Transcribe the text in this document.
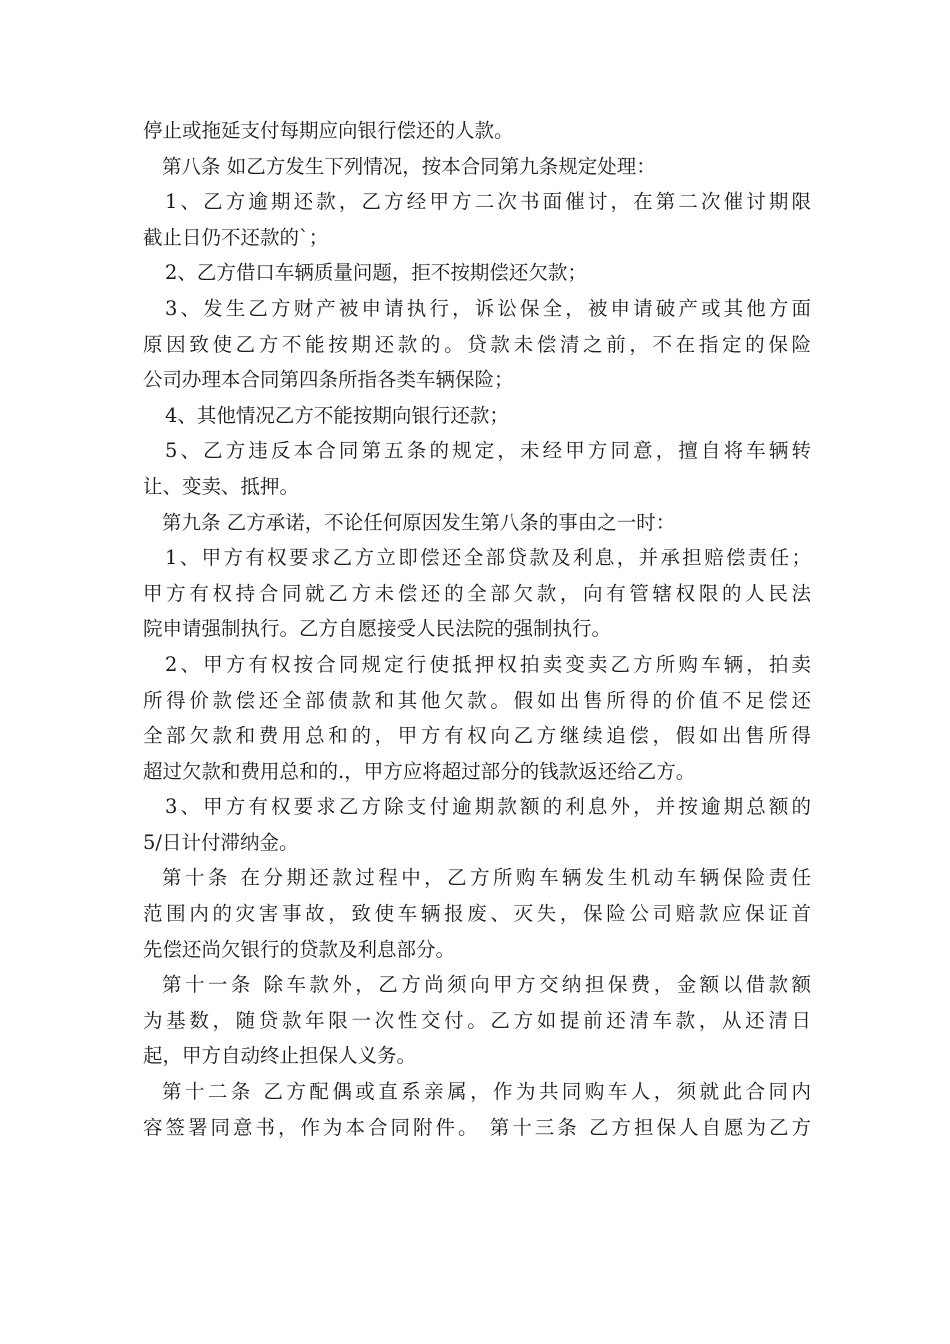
停止或拖延支付每期应向银行偿还的人款。
第八条 如乙方发生下列情况，按本合同第九条规定处理：
1、乙方逾期还款，乙方经甲方二次书面催讨，在第二次催讨期限
截止日仍不还款的`；
2、乙方借口车辆质量问题，拒不按期偿还欠款；
3、发生乙方财产被申请执行，诉讼保全，被申请破产或其他方面
原因致使乙方不能按期还款的。贷款未偿清之前，不在指定的保险
公司办理本合同第四条所指各类车辆保险；
4、其他情况乙方不能按期向银行还款；
5、乙方违反本合同第五条的规定，未经甲方同意，擅自将车辆转
让、变卖、抵押。
第九条 乙方承诺，不论任何原因发生第八条的事由之一时：
1、甲方有权要求乙方立即偿还全部贷款及利息，并承担赔偿责任；
甲方有权持合同就乙方未偿还的全部欠款，向有管辖权限的人民法
院申请强制执行。乙方自愿接受人民法院的强制执行。
2、甲方有权按合同规定行使抵押权拍卖变卖乙方所购车辆，拍卖
所得价款偿还全部债款和其他欠款。假如出售所得的价值不足偿还
全部欠款和费用总和的，甲方有权向乙方继续追偿，假如出售所得
超过欠款和费用总和的.，甲方应将超过部分的钱款返还给乙方。
3、甲方有权要求乙方除支付逾期款额的利息外，并按逾期总额的
5/日计付滞纳金。
第十条 在分期还款过程中，乙方所购车辆发生机动车辆保险责任
范围内的灾害事故，致使车辆报废、灭失，保险公司赔款应保证首
先偿还尚欠银行的贷款及利息部分。
第十一条 除车款外，乙方尚须向甲方交纳担保费，金额以借款额
为基数，随贷款年限一次性交付。乙方如提前还清车款，从还清日
起，甲方自动终止担保人义务。
第十二条 乙方配偶或直系亲属，作为共同购车人，须就此合同内
容签署同意书，作为本合同附件。 第十三条 乙方担保人自愿为乙方
